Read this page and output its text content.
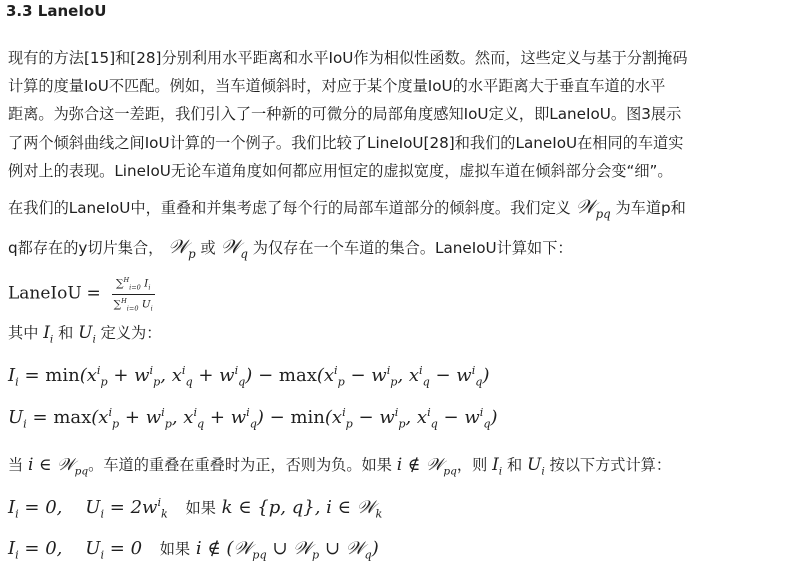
3.3 LaneIoU
现有的方法[15]和[28]分别利用水平距离和水平IoU作为相似性函数。然而，这些定义与基于分割掩码
计算的度量IoU不匹配。例如，当车道倾斜时，对应于某个度量IoU的水平距离大于垂直车道的水平
距离。为弥合这一差距，我们引入了一种新的可微分的局部角度感知IoU定义，即LaneIoU。图3展示
了两个倾斜曲线之间IoU计算的一个例子。我们比较了LineIoU[28]和我们的LaneIoU在相同的车道实
例对上的表现。LineIoU无论车道角度如何都应用恒定的虚拟宽度，虚拟车道在倾斜部分会变“细”。
在我们的LaneIoU中，重叠和并集考虑了每个行的局部车道部分的倾斜度。我们定义 𝒲$_{pq}$ 为车道p和
q都存在的y切片集合， 𝒲$_p$ 或 𝒲$_q$ 为仅存在一个车道的集合。LaneIoU计算如下：
LaneIoU = $\frac{\sum^H_{i=0} I_i}{\sum^H_{i=0} U_i}$
其中 $I_i$ 和 $U_i$ 定义为：
$I_i = \min(x^i_p + w^i_p$, $x^i_q + w^i_q) - \max(x^i_p - w^i_p$, $x^i_q - w^i_q$)
$U_i = \max(x^i_p + w^i_p$, $x^i_q + w^i_q) - \min(x^i_p - w^i_p$, $x^i_q - w^i_q$)
当 i ∈ 𝒲$_{pq}$。车道的重叠在重叠时为正，否则为负。如果 i ∉ 𝒲$_{pq}$，则 $I_i$ 和 $U_i$ 按以下方式计算：
$I_i = 0$,    $U_i = 2w^i_k$ 如果 k ∈ {p, q}, i ∈ 𝒲$_k$
$I_i = 0$,    $U_i = 0$ 如果 i ∉ (𝒲$_{pq}$ ∪ 𝒲$_p$ ∪ 𝒲$_q$)
